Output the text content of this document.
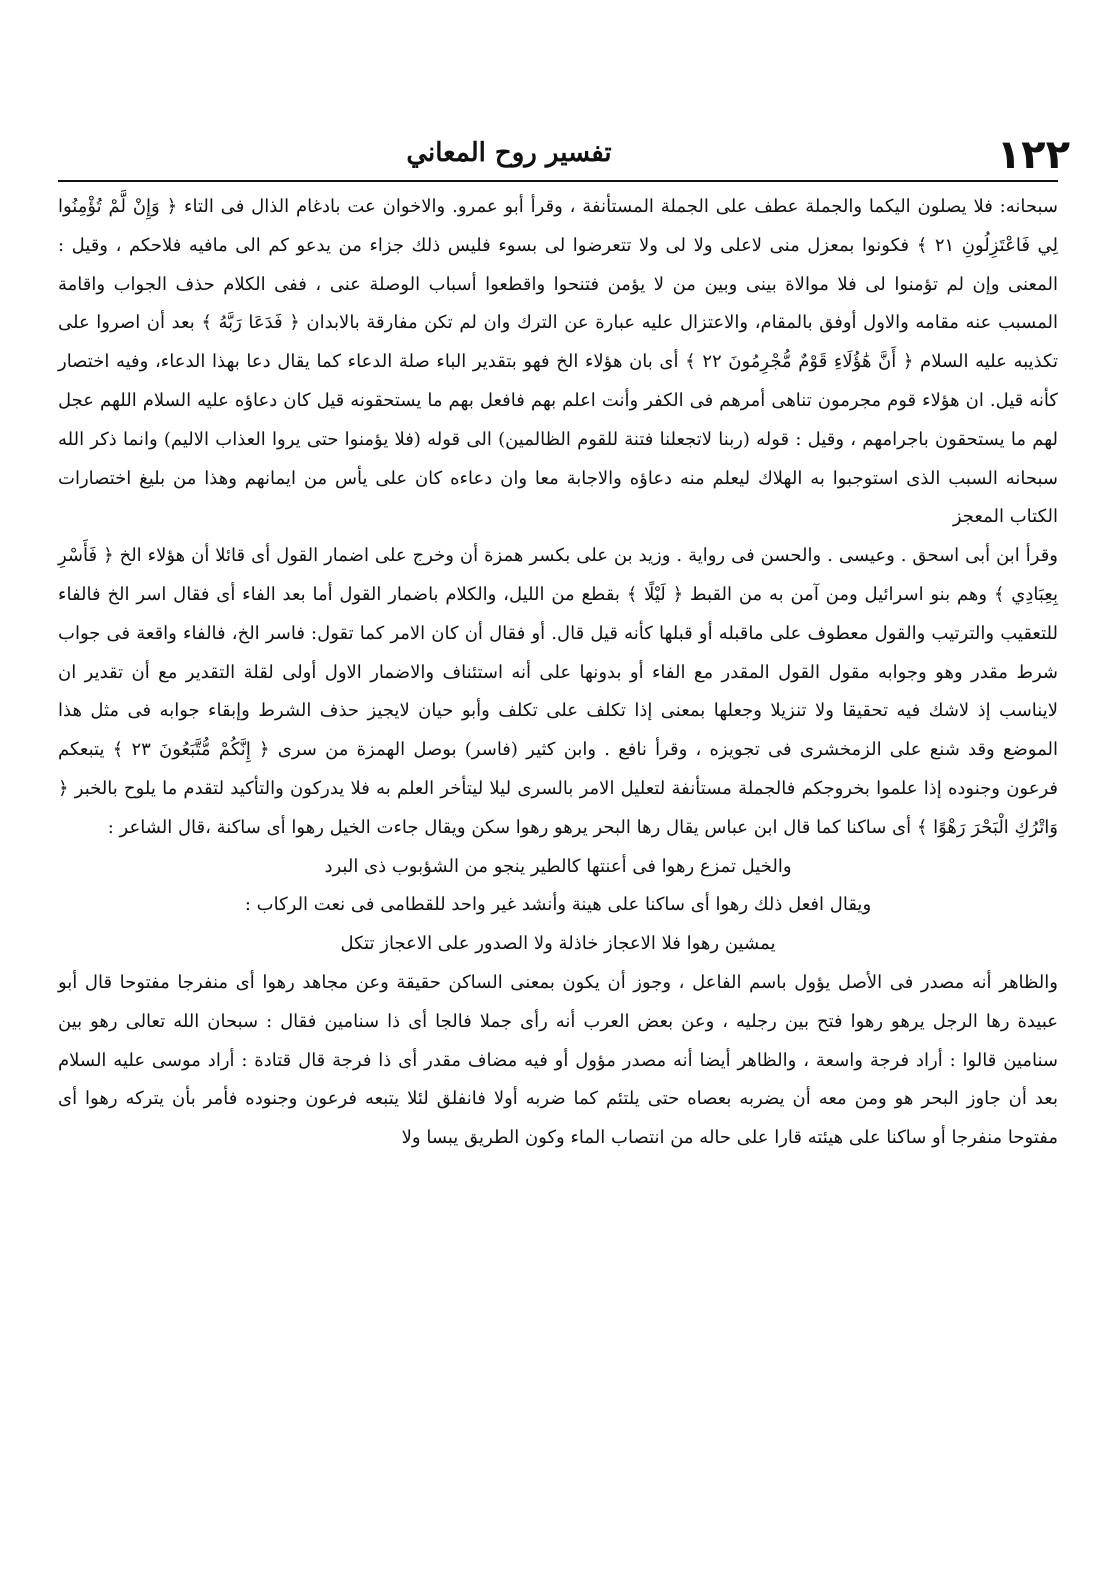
تفسير روح المعاني	١٢٢

سبحانه: فلا يصلون اليكما والجملة عطف على الجملة المستأنفة ، وقرأ أبو عمرو. والاخوان عت بادغام الذال فى التاء ﴿ وَإِنْ لَّمْ تُؤْمِنُوا لِي فَاعْتَزِلُونِ ٢١ ﴾ فكونوا بمعزل منى لاعلى ولا لى ولا تتعرضوا لى بسوء فليس ذلك جزاء من يدعو كم الى مافيه فلاحكم ، وقيل : المعنى وإن لم تؤمنوا لى فلا موالاة بينى وبين من لا يؤمن فتنحوا واقطعوا أسباب الوصلة عنى ، ففى الكلام حذف الجواب واقامة المسبب عنه مقامه والاول أوفق بالمقام، والاعتزال عليه عبارة عن الترك وان لم تكن مفارقة بالابدان ﴿ فَدَعَا رَبَّهُ ﴾ بعد أن اصروا على تكذيبه عليه السلام ﴿ أَنَّ هَٰؤُلَاءِ قَوْمٌ مُّجْرِمُونَ ٢٢ ﴾ أى بان هؤلاء الخ فهو بتقدير الباء صلة الدعاء كما يقال دعا بهذا الدعاء، وفيه اختصار كأنه قيل. ان هؤلاء قوم مجرمون تناهى أمرهم فى الكفر وأنت اعلم بهم فافعل بهم ما يستحقونه قيل كان دعاؤه عليه السلام اللهم عجل لهم ما يستحقون باجرامهم ، وقيل : قوله (ربنا لاتجعلنا فتنة للقوم الظالمين) الى قوله (فلا يؤمنوا حتى يروا العذاب الاليم) وانما ذكر الله سبحانه السبب الذى استوجبوا به الهلاك ليعلم منه دعاؤه والاجابة معا وان دعاءه كان على يأس من ايمانهم وهذا من بليغ اختصارات الكتاب المعجز

وقرأ ابن أبى اسحق . وعيسى . والحسن فى رواية . وزيد بن على بكسر همزة أن وخرج على اضمار القول أى قائلا أن هؤلاء الخ ﴿ فَأَسْرِ بِعِبَادِي ﴾ وهم بنو اسرائيل ومن آمن به من القبط ﴿ لَيْلًا ﴾ بقطع من الليل، والكلام باضمار القول أما بعد الفاء أى فقال اسر الخ فالفاء للتعقيب والترتيب والقول معطوف على ماقبله أو قبلها كأنه قيل قال. أو فقال أن كان الامر كما تقول: فاسر الخ، فالفاء واقعة فى جواب شرط مقدر وهو وجوابه مقول القول المقدر مع الفاء أو بدونها على أنه استئناف والاضمار الاول أولى لقلة التقدير مع أن تقدير ان لايناسب إذ لاشك فيه تحقيقا ولا تنزيلا وجعلها بمعنى إذا تكلف على تكلف وأبو حيان لايجيز حذف الشرط وإبقاء جوابه فى مثل هذا الموضع وقد شنع على الزمخشرى فى تجويزه ، وقرأ نافع . وابن كثير (فاسر) بوصل الهمزة من سرى ﴿ إِنَّكُمْ مُّتَّبَعُونَ ٢٣ ﴾ يتبعكم فرعون وجنوده إذا علموا بخروجكم فالجملة مستأنفة لتعليل الامر بالسرى ليلا ليتأخر العلم به فلا يدركون والتأكيد لتقدم ما يلوح بالخبر ﴿ وَاتْرُكِ الْبَحْرَ رَهْوًا ﴾ أى ساكنا كما قال ابن عباس يقال رها البحر يرهو رهوا سكن ويقال جاءت الخيل رهوا أى ساكنة ،قال الشاعر :

والخيل تمزع رهوا فى أعنتها كالطير ينجو من الشؤبوب ذى البرد

ويقال افعل ذلك رهوا أى ساكنا على هينة وأنشد غير واحد للقطامى فى نعت الركاب :

يمشين رهوا فلا الاعجاز خاذلة ولا الصدور على الاعجاز تتكل

والظاهر أنه مصدر فى الأصل يؤول باسم الفاعل ، وجوز أن يكون بمعنى الساكن حقيقة وعن مجاهد رهوا أى منفرجا مفتوحا قال أبو عبيدة رها الرجل يرهو رهوا فتح بين رجليه ، وعن بعض العرب أنه رأى جملا فالجا أى ذا سنامين فقال : سبحان الله تعالى رهو بين سنامين قالوا : أراد فرجة واسعة ، والظاهر أيضا أنه مصدر مؤول أو فيه مضاف مقدر أى ذا فرجة قال قتادة : أراد موسى عليه السلام بعد أن جاوز البحر هو ومن معه أن يضربه بعصاه حتى يلتئم كما ضربه أولا فانفلق لئلا يتبعه فرعون وجنوده فأمر بأن يتركه رهوا أى مفتوحا منفرجا أو ساكنا على هيئته قارا على حاله من انتصاب الماء وكون الطريق يبسا ولا
